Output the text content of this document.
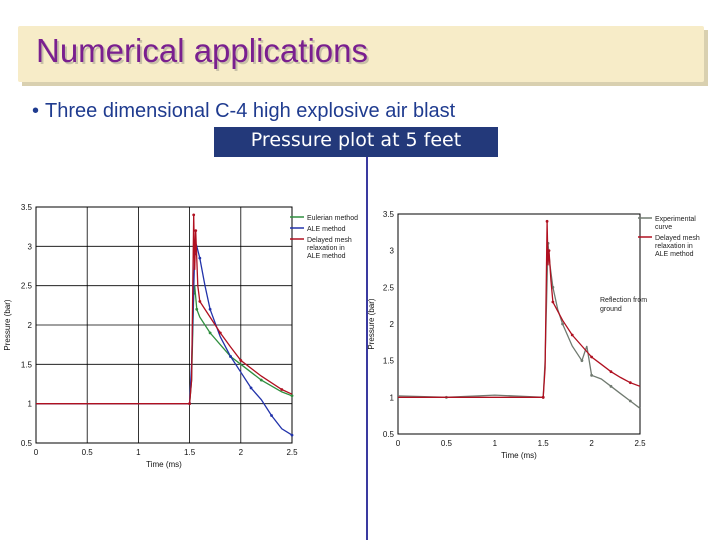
Numerical applications
• Three dimensional C-4 high explosive air blast
Pressure plot at 5 feet
0	0.5	1	1.5	2	2.5
0.5
1
1.5
2
2.5
3
3.5
Time (ms)
Pressure (bar)
Eulerian method
ALE method
Delayed mesh
relaxation in
ALE method
0	0.5	1	1.5	2	2.5
0.5
1
1.5
2
2.5
3
3.5
Time (ms)
Pressure (bar)
Experimental
curve
Delayed mesh
relaxation in
ALE method
Reflection from
ground
